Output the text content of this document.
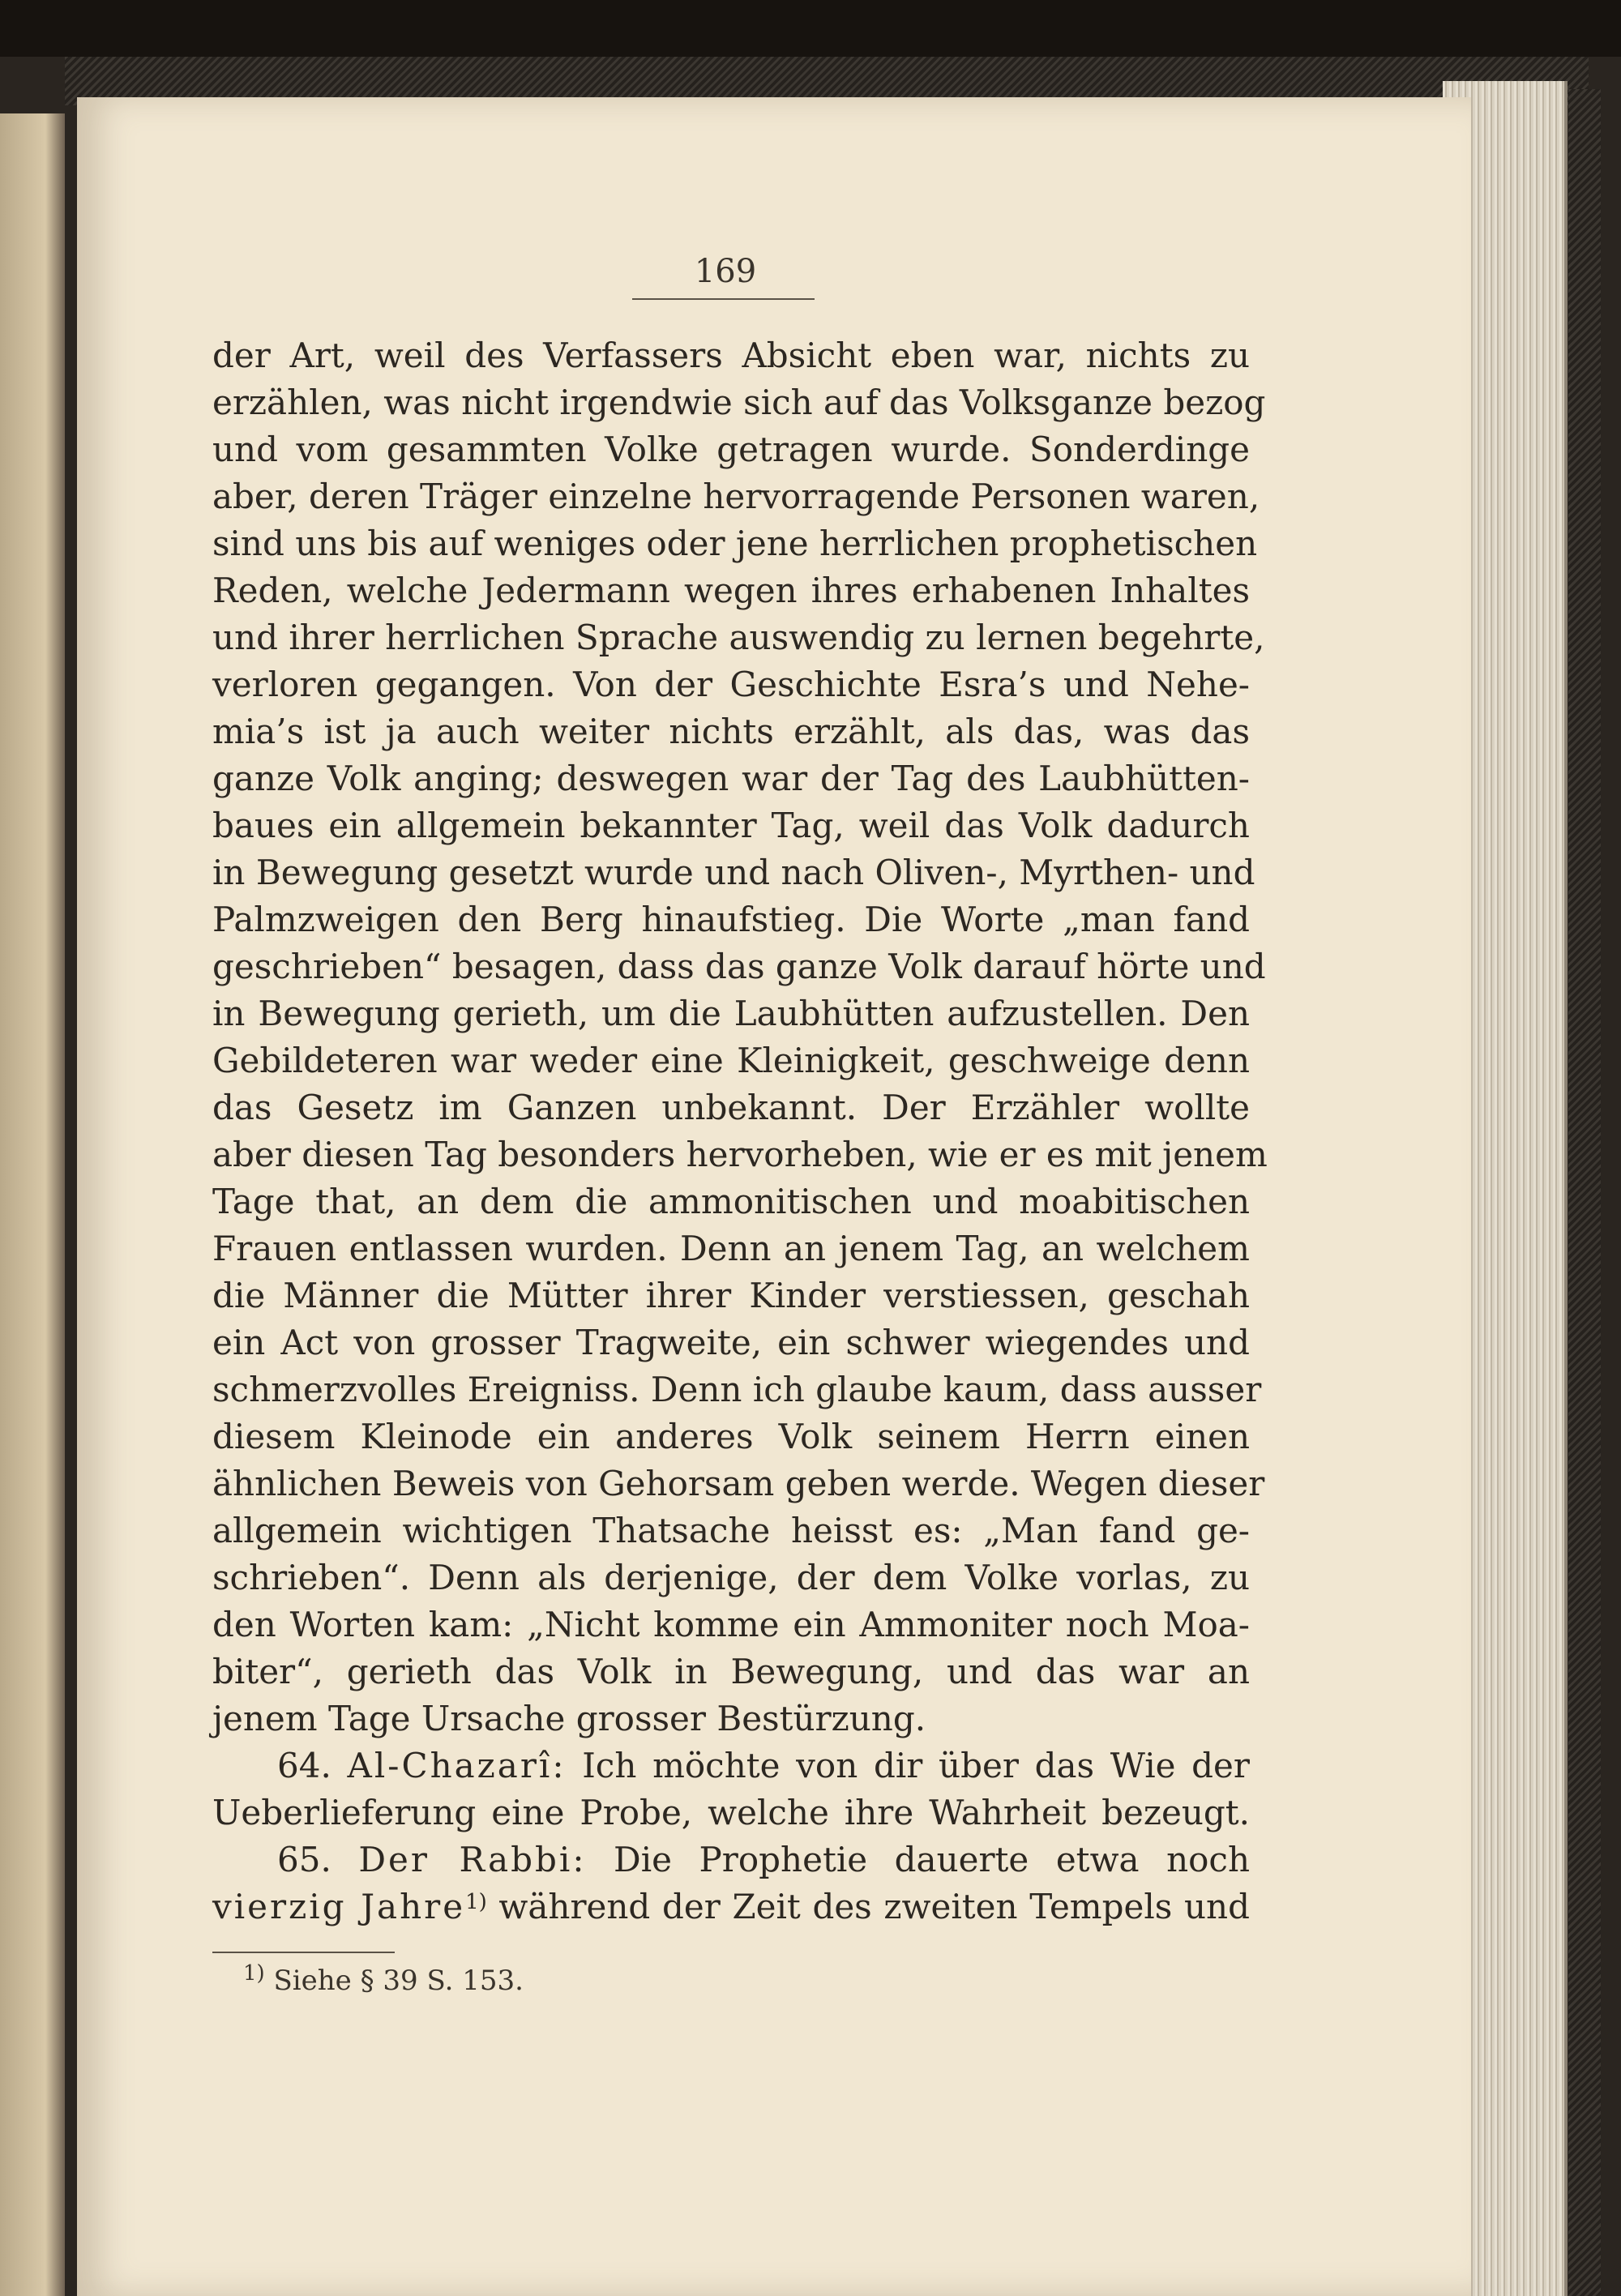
169
der Art, weil des Verfassers Absicht eben war, nichts zu
erzählen, was nicht irgendwie sich auf das Volksganze bezog
und vom gesammten Volke getragen wurde. Sonderdinge
aber, deren Träger einzelne hervorragende Personen waren,
sind uns bis auf weniges oder jene herrlichen prophetischen
Reden, welche Jedermann wegen ihres erhabenen Inhaltes
und ihrer herrlichen Sprache auswendig zu lernen begehrte,
verloren gegangen. Von der Geschichte Esra’s und Nehe-
mia’s ist ja auch weiter nichts erzählt, als das, was das
ganze Volk anging; deswegen war der Tag des Laubhütten-
baues ein allgemein bekannter Tag, weil das Volk dadurch
in Bewegung gesetzt wurde und nach Oliven-, Myrthen- und
Palmzweigen den Berg hinaufstieg. Die Worte „man fand
geschrieben“ besagen, dass das ganze Volk darauf hörte und
in Bewegung gerieth, um die Laubhütten aufzustellen. Den
Gebildeteren war weder eine Kleinigkeit, geschweige denn
das Gesetz im Ganzen unbekannt. Der Erzähler wollte
aber diesen Tag besonders hervorheben, wie er es mit jenem
Tage that, an dem die ammonitischen und moabitischen
Frauen entlassen wurden. Denn an jenem Tag, an welchem
die Männer die Mütter ihrer Kinder verstiessen, geschah
ein Act von grosser Tragweite, ein schwer wiegendes und
schmerzvolles Ereigniss. Denn ich glaube kaum, dass ausser
diesem Kleinode ein anderes Volk seinem Herrn einen
ähnlichen Beweis von Gehorsam geben werde. Wegen dieser
allgemein wichtigen Thatsache heisst es: „Man fand ge-
schrieben“. Denn als derjenige, der dem Volke vorlas, zu
den Worten kam: „Nicht komme ein Ammoniter noch Moa-
biter“, gerieth das Volk in Bewegung, und das war an
jenem Tage Ursache grosser Bestürzung.
64. Al-Chazarî: Ich möchte von dir über das Wie der
Ueberlieferung eine Probe, welche ihre Wahrheit bezeugt.
65. Der Rabbi: Die Prophetie dauerte etwa noch
vierzig Jahre$^{1)}$ während der Zeit des zweiten Tempels und
$^{1)}$ Siehe § 39 S. 153.
